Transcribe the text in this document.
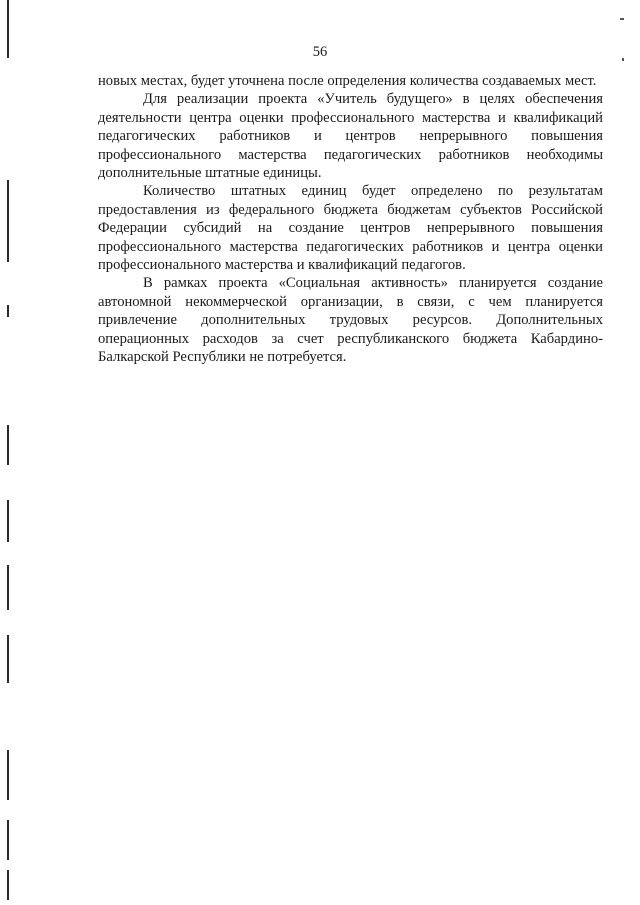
56

новых местах, будет уточнена после определения количества создаваемых мест.

Для реализации проекта «Учитель будущего» в целях обеспечения деятельности центра оценки профессионального мастерства и квалификаций педагогических работников и центров непрерывного повышения профессионального мастерства педагогических работников необходимы дополнительные штатные единицы.

Количество штатных единиц будет определено по результатам предоставления из федерального бюджета бюджетам субъектов Российской Федерации субсидий на создание центров непрерывного повышения профессионального мастерства педагогических работников и центра оценки профессионального мастерства и квалификаций педагогов.

В рамках проекта «Социальная активность» планируется создание автономной некоммерческой организации, в связи, с чем планируется привлечение дополнительных трудовых ресурсов. Дополнительных операционных расходов за счет республиканского бюджета Кабардино-Балкарской Республики не потребуется.
